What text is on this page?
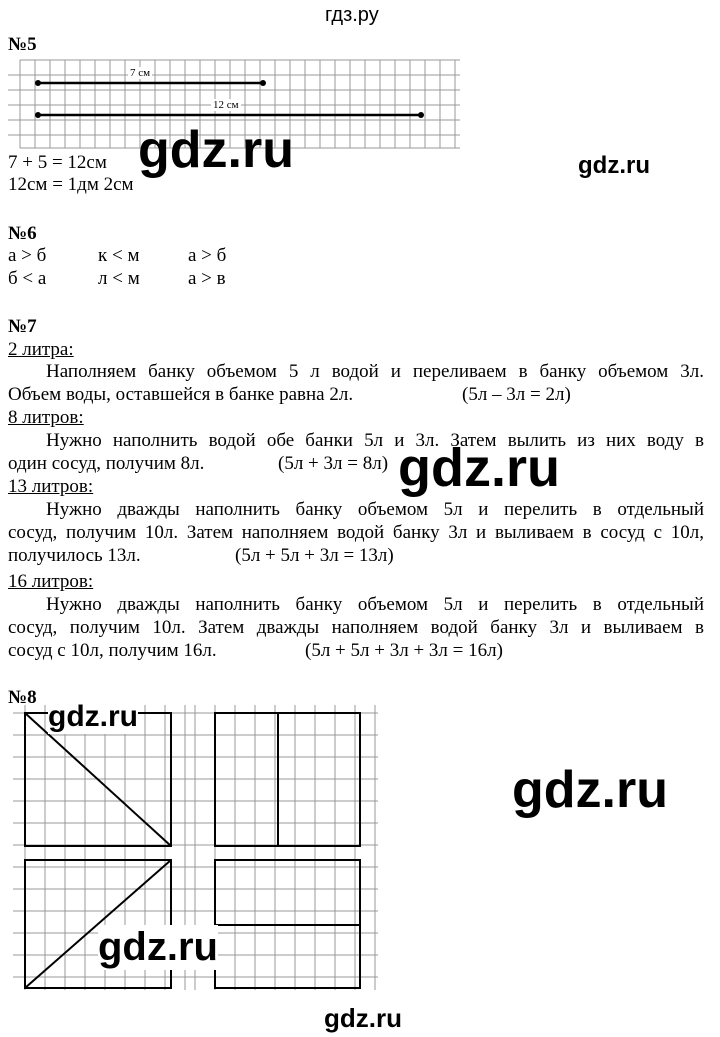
гдз.ру
№5
7 см
12 см
7 + 5 = 12см
12см = 1дм 2см
№6
а > б	к < м	а > б
б < а	л < м	а > в
№7
2 литра:
Наполняем банку объемом 5 л водой и переливаем в банку объемом 3л.
Объем воды, оставшейся в банке равна 2л.	(5л – 3л = 2л)
8 литров:
Нужно наполнить водой обе банки 5л и 3л. Затем вылить из них воду в
один сосуд, получим 8л.	(5л + 3л = 8л)
13 литров:
Нужно дважды наполнить банку объемом 5л и перелить в отдельный
сосуд, получим 10л. Затем наполняем водой банку 3л и выливаем в сосуд с 10л,
получилось 13л.	(5л + 5л + 3л = 13л)
16 литров:
Нужно дважды наполнить банку объемом 5л и перелить в отдельный
сосуд, получим 10л. Затем дважды наполняем водой банку 3л и выливаем в
сосуд с 10л, получим 16л.	(5л + 5л + 3л + 3л = 16л)
№8
gdz.ru	gdz.ru
gdz.ru
gdz.ru
gdz.ru
gdz.ru
gdz.ru
